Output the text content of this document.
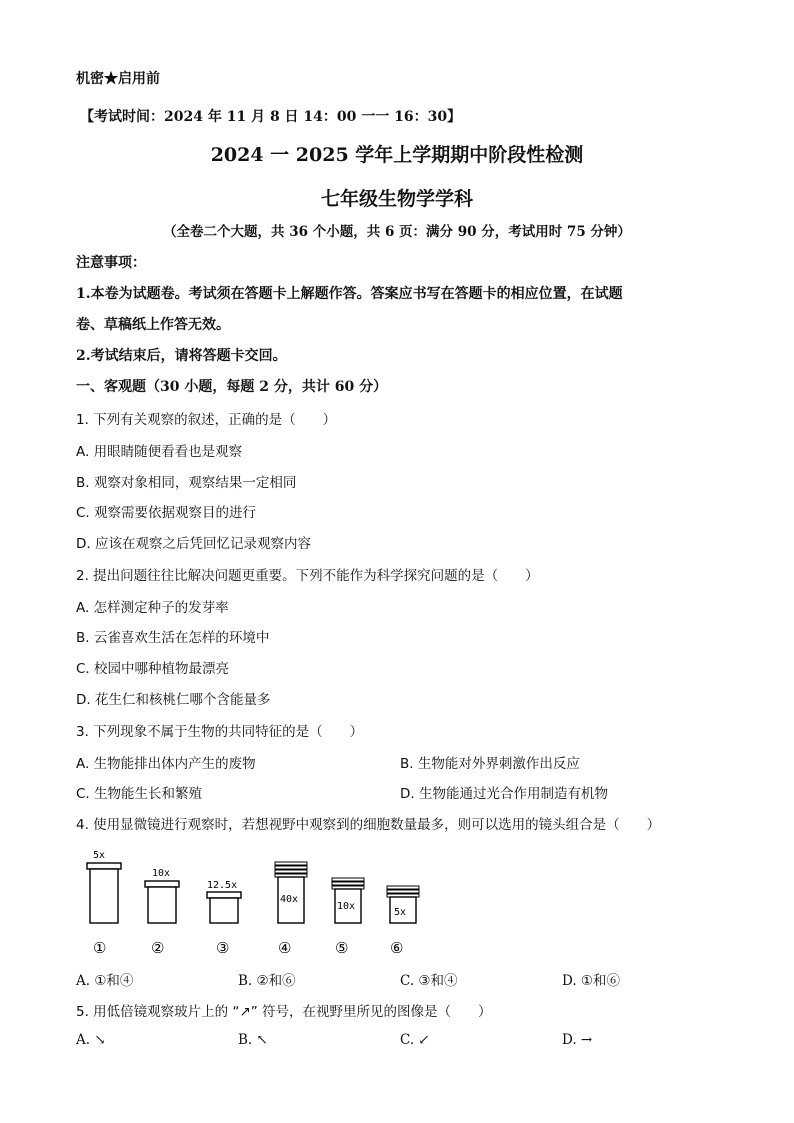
机密★启用前
【考试时间：2024 年 11 月 8 日 14：00 一一 16：30】
2024 一 2025 学年上学期期中阶段性检测
七年级生物学学科
（全卷二个大题，共 36 个小题，共 6 页：满分 90 分，考试用时 75 分钟）
注意事项：
1.本卷为试题卷。考试须在答题卡上解题作答。答案应书写在答题卡的相应位置，在试题
卷、草稿纸上作答无效。
2.考试结束后，请将答题卡交回。
一、客观题（30 小题，每题 2 分，共计 60 分）
1. 下列有关观察的叙述，正确的是（　　）
A. 用眼睛随便看看也是观察
B. 观察对象相同，观察结果一定相同
C. 观察需要依据观察目的进行
D. 应该在观察之后凭回忆记录观察内容
2. 提出问题往往比解决问题更重要。下列不能作为科学探究问题的是（　　）
A. 怎样测定种子的发芽率
B. 云雀喜欢生活在怎样的环境中
C. 校园中哪种植物最漂亮
D. 花生仁和核桃仁哪个含能量多
3. 下列现象不属于生物的共同特征的是（　　）
A. 生物能排出体内产生的废物	B. 生物能对外界刺激作出反应
C. 生物能生长和繁殖	D. 生物能通过光合作用制造有机物
4. 使用显微镜进行观察时，若想视野中观察到的细胞数量最多，则可以选用的镜头组合是（　　）
5x
①
10x
②
12.5x
③
40x
④
10x
⑤
5x
⑥
A. ①和④	B. ②和⑥	C. ③和④	D. ①和⑥
5. 用低倍镜观察玻片上的 “↗” 符号，在视野里所见的图像是（　　）
A. ↘	B. ↖	C. ↙	D. →
